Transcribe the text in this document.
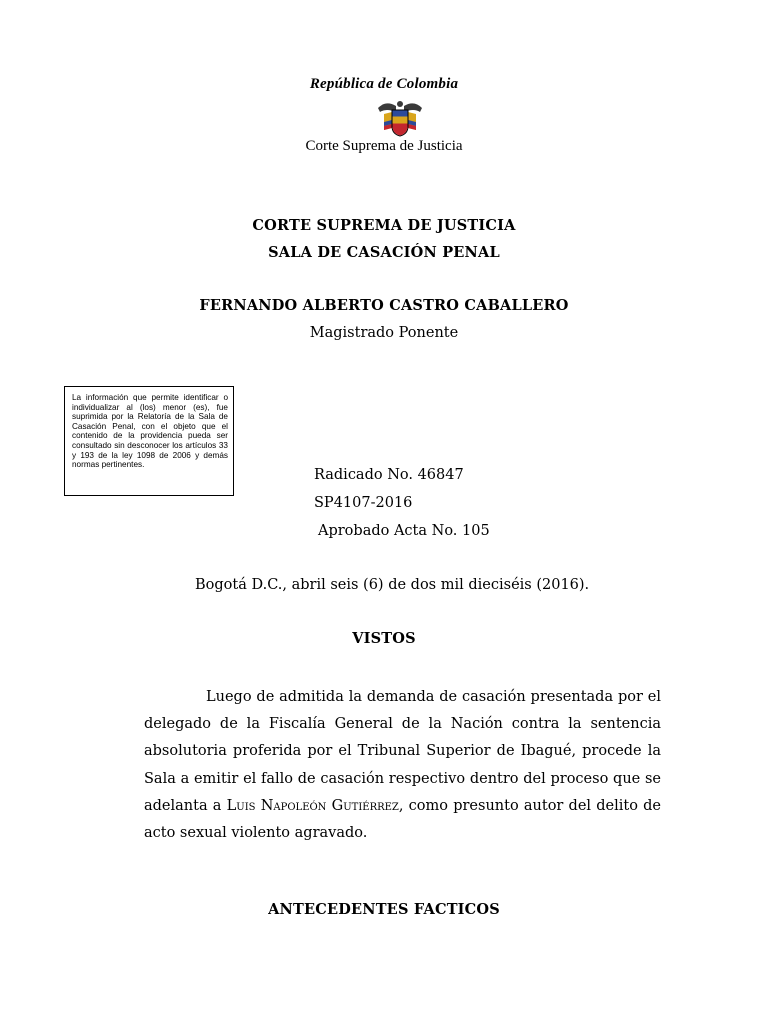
República de Colombia
Corte Suprema de Justicia
CORTE SUPREMA DE JUSTICIA
SALA DE CASACIÓN PENAL
FERNANDO ALBERTO CASTRO CABALLERO
Magistrado Ponente
La información que permite identificar o individualizar al (los) menor (es), fue suprimida por la Relatoría de la Sala de Casación Penal, con el objeto que el contenido de la providencia pueda ser consultado sin desconocer los artículos 33 y 193 de la ley 1098 de 2006 y demás normas pertinentes.
Radicado No. 46847
SP4107-2016
Aprobado Acta No. 105
Bogotá D.C., abril seis (6) de dos mil dieciséis (2016).
VISTOS

Luego de admitida la demanda de casación presentada por el delegado de la Fiscalía General de la Nación contra la sentencia absolutoria proferida por el Tribunal Superior de Ibagué, procede la Sala a emitir el fallo de casación respectivo dentro del proceso que se adelanta a Luis Napoleón Gutiérrez, como presunto autor del delito de acto sexual violento agravado.

ANTECEDENTES FACTICOS
